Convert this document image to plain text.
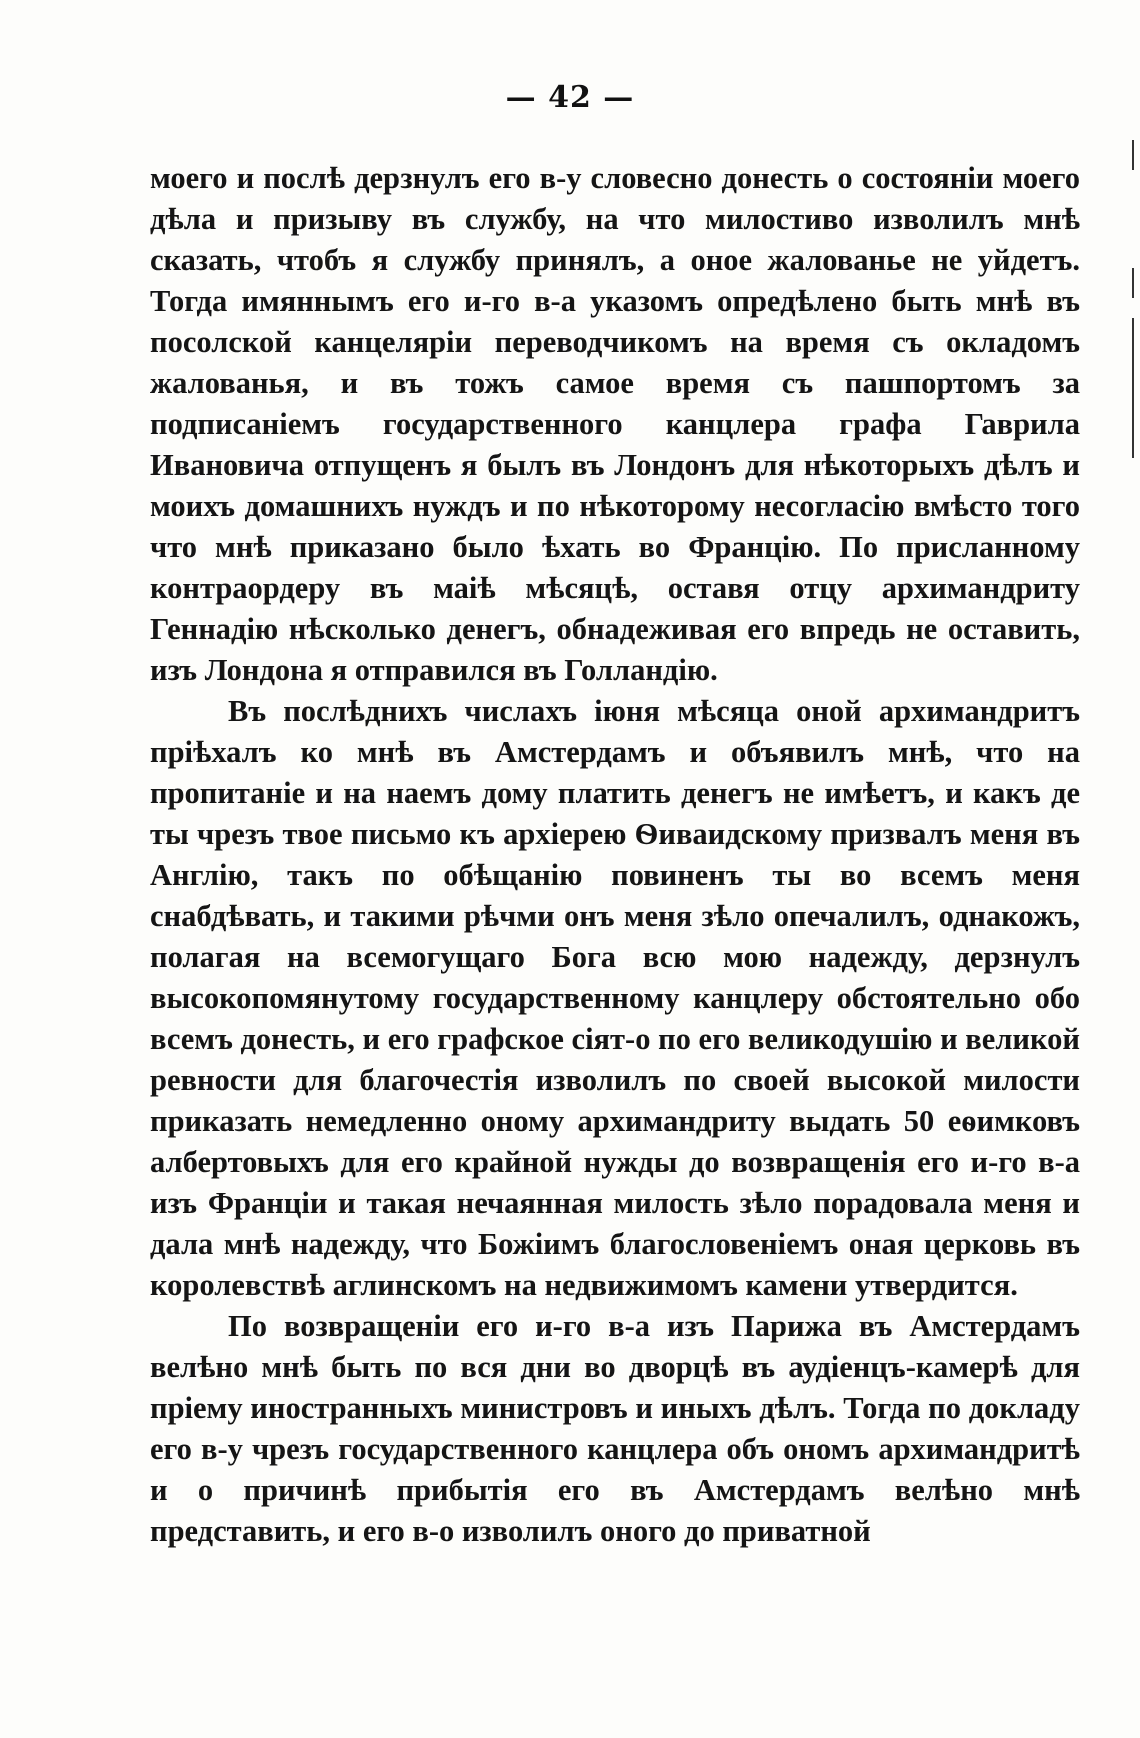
— 42 —

моего и послѣ дерзнулъ его в-у словесно донесть о состояніи моего дѣла и призыву въ службу, на что милостиво изволилъ мнѣ сказать, чтобъ я службу принялъ, а оное жалованье не уйдетъ. Тогда имяннымъ его и-го в-а указомъ опредѣлено быть мнѣ въ посолской канцеляріи переводчикомъ на время съ окладомъ жалованья, и въ тожъ самое время съ пашпортомъ за подписаніемъ государственного канцлера графа Гаврила Ивановича отпущенъ я былъ въ Лондонъ для нѣкоторыхъ дѣлъ и моихъ домашнихъ нуждъ и по нѣкоторому несогласію вмѣсто того что мнѣ приказано было ѣхать во Францію. По присланному контраордеру въ маіѣ мѣсяцѣ, оставя отцу архимандриту Геннадію нѣсколько денегъ, обнадеживая его впредь не оставить, изъ Лондона я отправился въ Голландію.

Въ послѣднихъ числахъ іюня мѣсяца оной архимандритъ пріѣхалъ ко мнѣ въ Амстердамъ и объявилъ мнѣ, что на пропитаніе и на наемъ дому платить денегъ не имѣетъ, и какъ де ты чрезъ твое письмо къ архіерею Ѳиваидскому призвалъ меня въ Англію, такъ по обѣщанію повиненъ ты во всемъ меня снабдѣвать, и такими рѣчми онъ меня зѣло опечалилъ, однакожъ, полагая на всемогущаго Бога всю мою надежду, дерзнулъ высокопомянутому государственному канцлеру обстоятельно обо всемъ донесть, и его графское сіят-о по его великодушію и великой ревности для благочестія изволилъ по своей высокой милости приказать немедленно оному архимандриту выдать 50 еѳимковъ албертовыхъ для его крайной нужды до возвращенія его и-го в-а изъ Франціи и такая нечаянная милость зѣло порадовала меня и дала мнѣ надежду, что Божіимъ благословеніемъ оная церковь въ королевствѣ аглинскомъ на недвижимомъ камени утвердится.

По возвращеніи его и-го в-а изъ Парижа въ Амстердамъ велѣно мнѣ быть по вся дни во дворцѣ въ аудіенцъ-камерѣ для пріему иностранныхъ министровъ и иныхъ дѣлъ. Тогда по докладу его в-у чрезъ государственного канцлера объ ономъ архимандритѣ и о причинѣ прибытія его въ Амстердамъ велѣно мнѣ представить, и его в-о изволилъ оного до приватной
